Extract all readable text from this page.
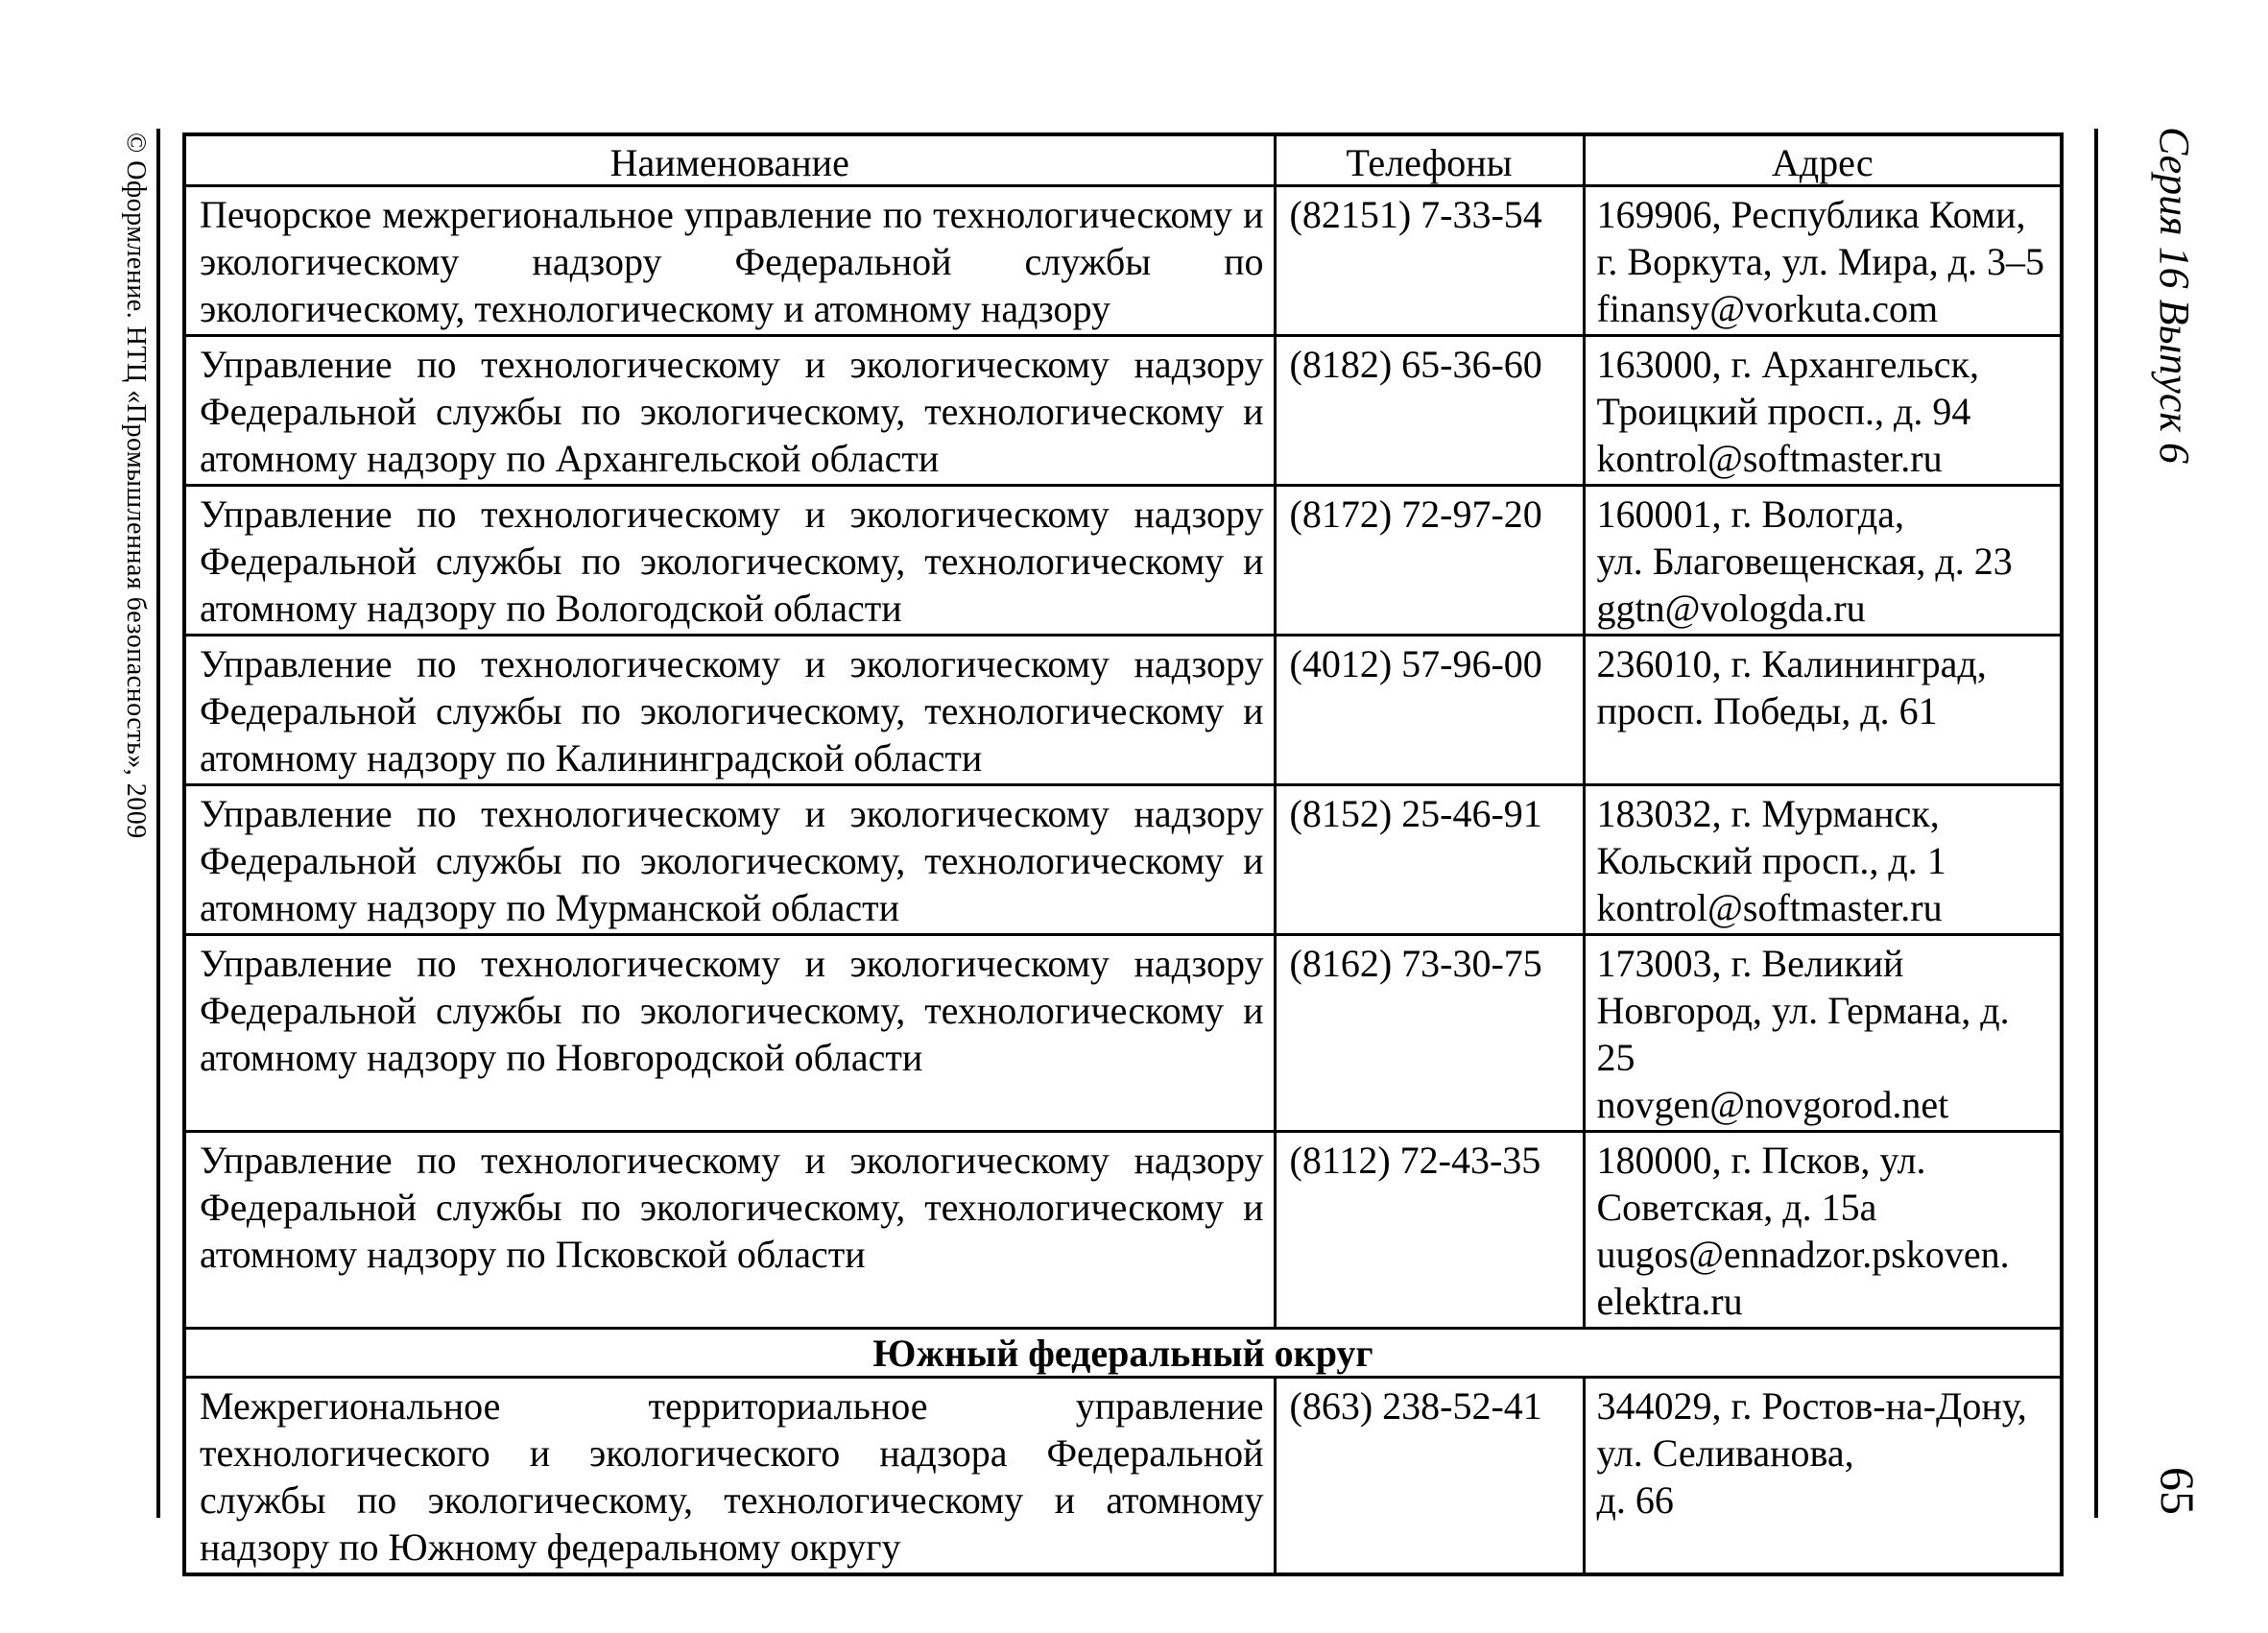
© Оформление. НТЦ «Промышленная безопасность», 2009	Серия 16 Выпуск 6
65
Наименование	Телефоны	Адрес
Печорское межрегиональное управление по технологическому и экологическому надзору Федеральной службы по экологическому, технологическому и атомному надзору	(82151) 7-33-54	169906, Республика Коми,
г. Воркута, ул. Мира, д. 3–5
finansy@vorkuta.com
Управление по технологическому и экологическому надзору Федеральной службы по экологическому, технологическому и атомному надзору по Архангельской области	(8182) 65-36-60	163000, г. Архангельск,
Троицкий просп., д. 94
kontrol@softmaster.ru
Управление по технологическому и экологическому надзору Федеральной службы по экологическому, технологическому и атомному надзору по Вологодской области	(8172) 72-97-20	160001, г. Вологда,
ул. Благовещенская, д. 23
ggtn@vologda.ru
Управление по технологическому и экологическому надзору Федеральной службы по экологическому, технологическому и атомному надзору по Калининградской области	(4012) 57-96-00	236010, г. Калининград,
просп. Победы, д. 61
Управление по технологическому и экологическому надзору Федеральной службы по экологическому, технологическому и атомному надзору по Мурманской области	(8152) 25-46-91	183032, г. Мурманск,
Кольский просп., д. 1
kontrol@softmaster.ru
Управление по технологическому и экологическому надзору Федеральной службы по экологическому, технологическому и атомному надзору по Новгородской области	(8162) 73-30-75	173003, г. Великий Новгород, ул. Германа, д. 25
novgen@novgorod.net
Управление по технологическому и экологическому надзору Федеральной службы по экологическому, технологическому и атомному надзору по Псковской области	(8112) 72-43-35	180000, г. Псков, ул. Советская, д. 15а
uugos@ennadzor.pskoven.
elektra.ru
Южный федеральный округ		
Межрегиональное территориальное управление технологического и экологического надзора Федеральной службы по экологическому, технологическому и атомному надзору по Южному федеральному округу	(863) 238-52-41	344029, г. Ростов-на-Дону, ул. Селиванова,
д. 66
